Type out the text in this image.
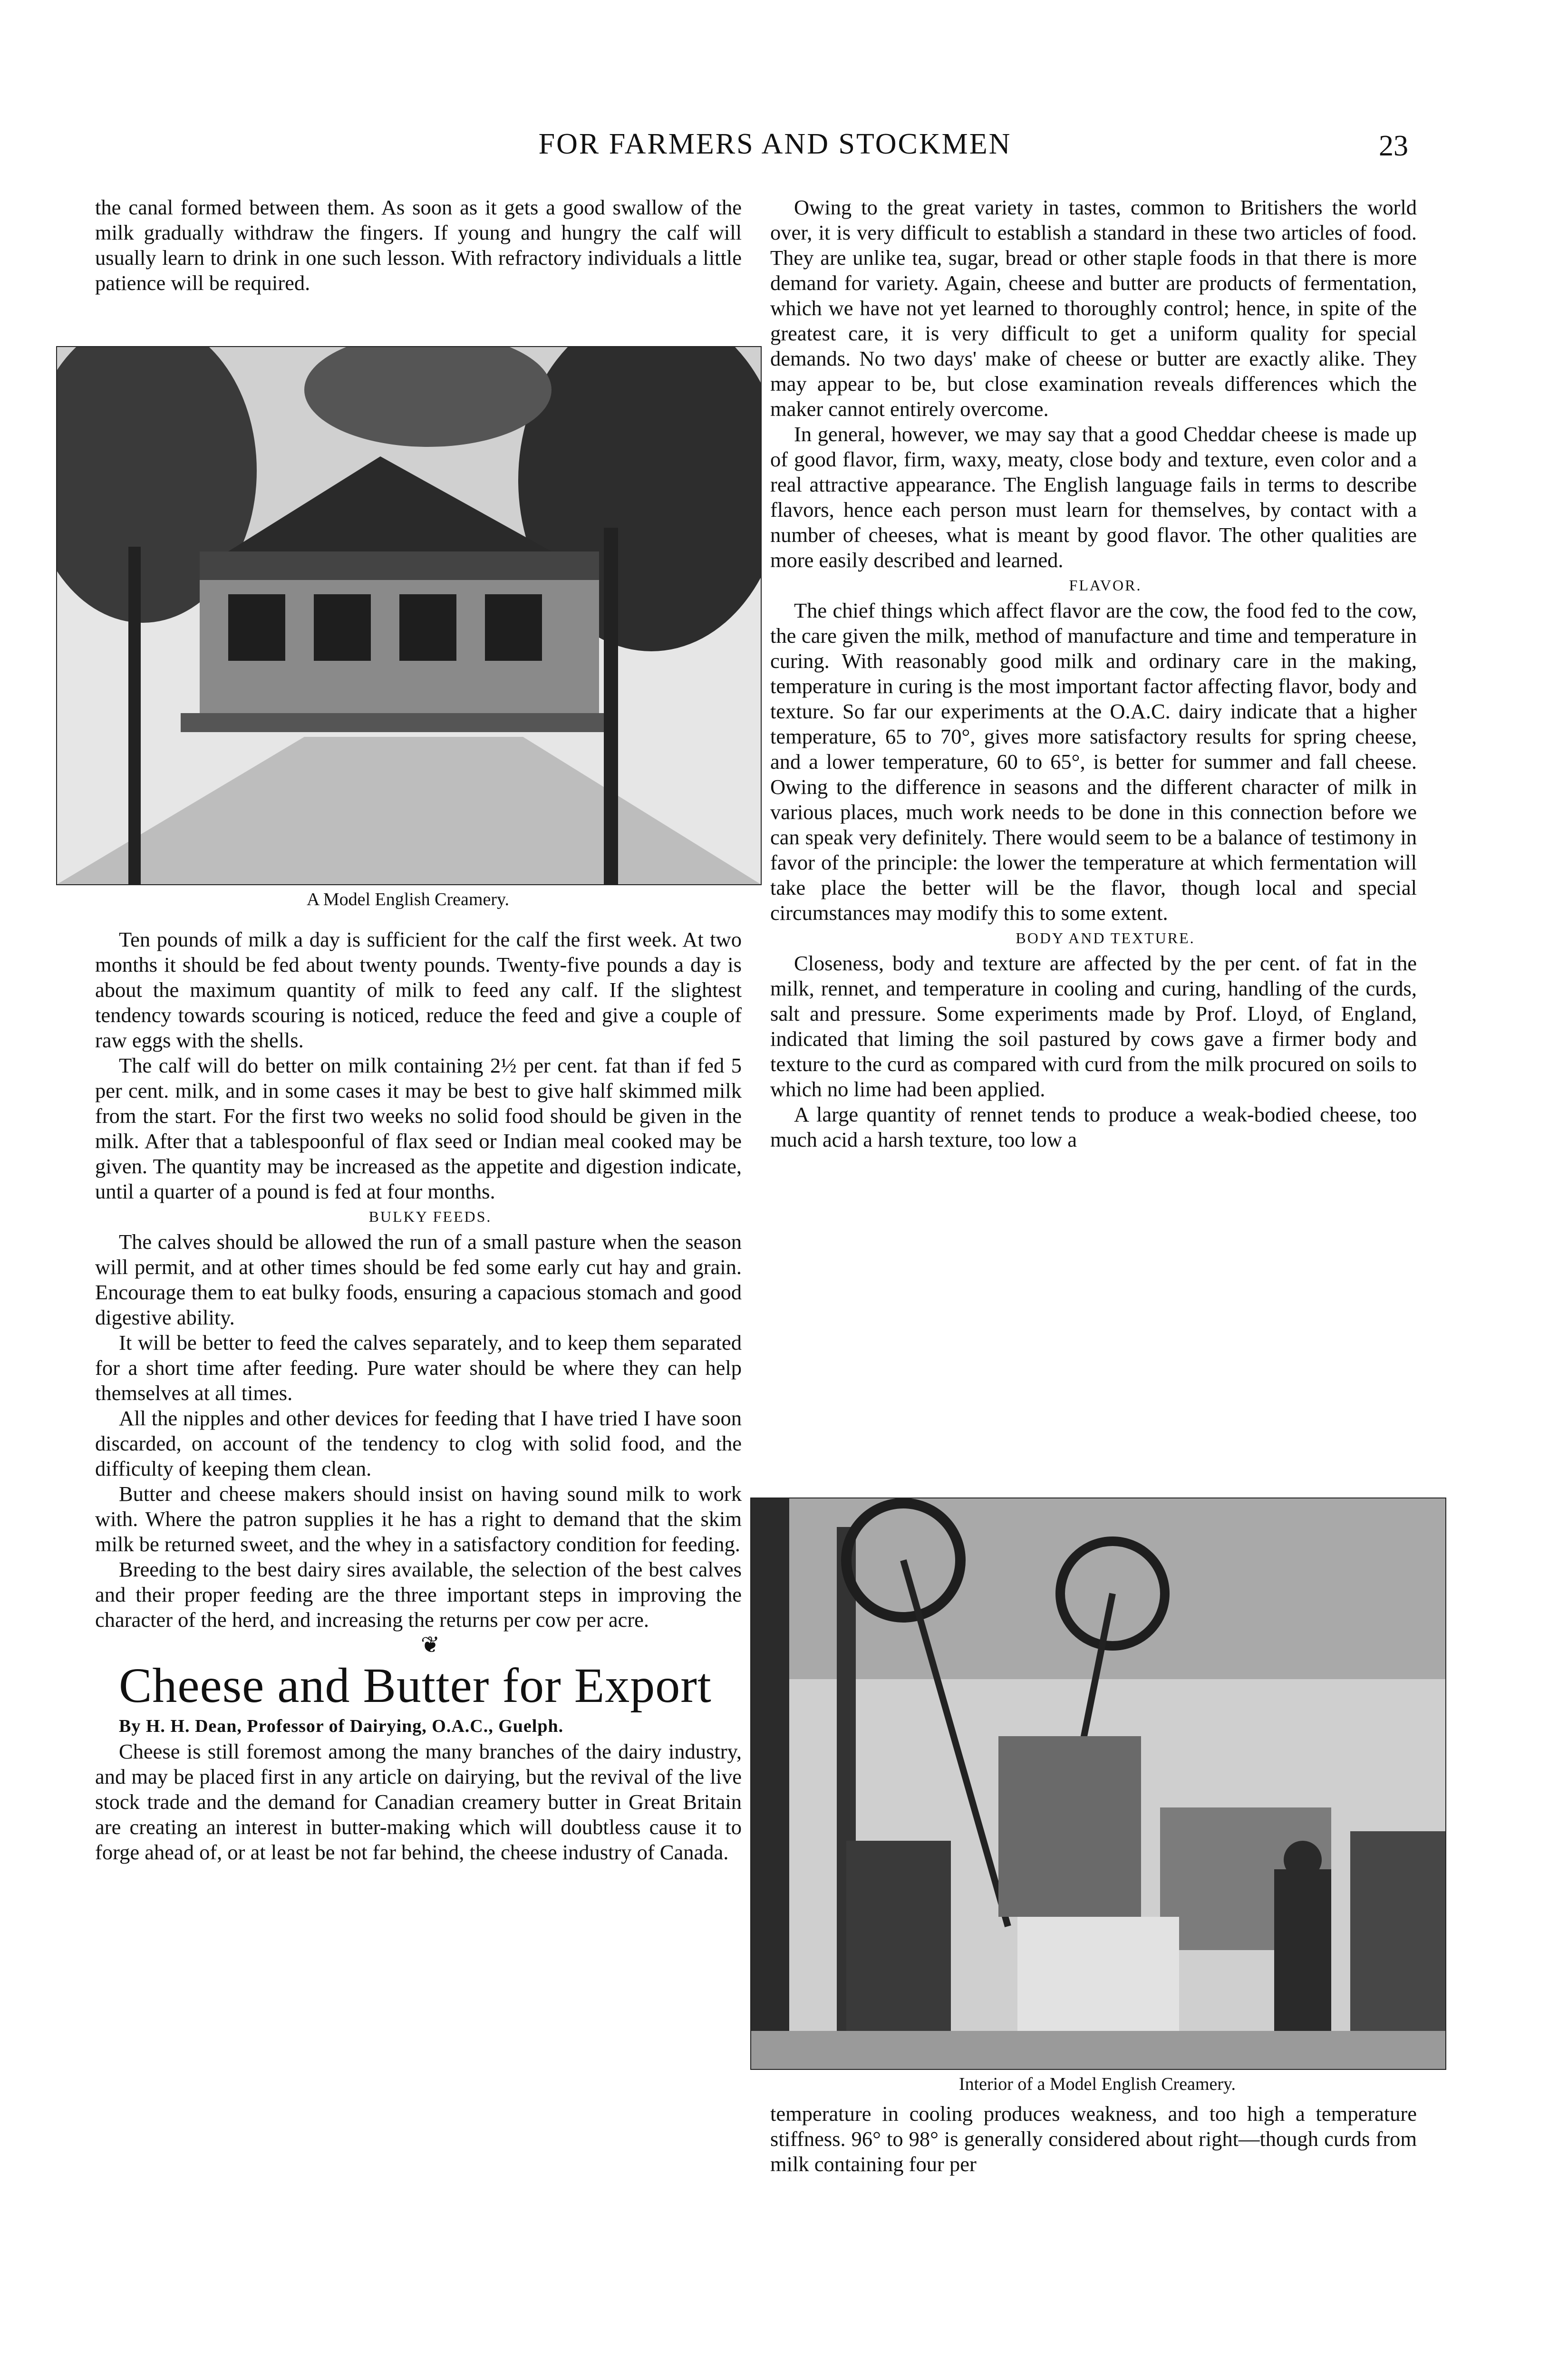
FOR FARMERS AND STOCKMEN	23

the canal formed between them. As soon as it gets a good swallow of the milk gradually withdraw the fingers. If young and hungry the calf will usually learn to drink in one such lesson. With refractory individuals a little patience will be required.

A Model English Creamery.

Ten pounds of milk a day is sufficient for the calf the first week. At two months it should be fed about twenty pounds. Twenty-five pounds a day is about the maximum quantity of milk to feed any calf. If the slightest tendency towards scouring is noticed, reduce the feed and give a couple of raw eggs with the shells.

The calf will do better on milk containing 2½ per cent. fat than if fed 5 per cent. milk, and in some cases it may be best to give half skimmed milk from the start. For the first two weeks no solid food should be given in the milk. After that a tablespoonful of flax seed or Indian meal cooked may be given. The quantity may be increased as the appetite and digestion indicate, until a quarter of a pound is fed at four months.

BULKY FEEDS.

The calves should be allowed the run of a small pasture when the season will permit, and at other times should be fed some early cut hay and grain. Encourage them to eat bulky foods, ensuring a capacious stomach and good digestive ability.

It will be better to feed the calves separately, and to keep them separated for a short time after feeding. Pure water should be where they can help themselves at all times.

All the nipples and other devices for feeding that I have tried I have soon discarded, on account of the tendency to clog with solid food, and the difficulty of keeping them clean.

Butter and cheese makers should insist on having sound milk to work with. Where the patron supplies it he has a right to demand that the skim milk be returned sweet, and the whey in a satisfactory condition for feeding.

Breeding to the best dairy sires available, the selection of the best calves and their proper feeding are the three important steps in improving the character of the herd, and increasing the returns per cow per acre.

❦

Cheese and Butter for Export

By H. H. Dean, Professor of Dairying, O.A.C., Guelph.

Cheese is still foremost among the many branches of the dairy industry, and may be placed first in any article on dairying, but the revival of the live stock trade and the demand for Canadian creamery butter in Great Britain are creating an interest in butter-making which will doubtless cause it to forge ahead of, or at least be not far behind, the cheese industry of Canada.

Owing to the great variety in tastes, common to Britishers the world over, it is very difficult to establish a standard in these two articles of food. They are unlike tea, sugar, bread or other staple foods in that there is more demand for variety. Again, cheese and butter are products of fermentation, which we have not yet learned to thoroughly control; hence, in spite of the greatest care, it is very difficult to get a uniform quality for special demands. No two days' make of cheese or butter are exactly alike. They may appear to be, but close examination reveals differences which the maker cannot entirely overcome.

In general, however, we may say that a good Cheddar cheese is made up of good flavor, firm, waxy, meaty, close body and texture, even color and a real attractive appearance. The English language fails in terms to describe flavors, hence each person must learn for themselves, by contact with a number of cheeses, what is meant by good flavor. The other qualities are more easily described and learned.

FLAVOR.

The chief things which affect flavor are the cow, the food fed to the cow, the care given the milk, method of manufacture and time and temperature in curing. With reasonably good milk and ordinary care in the making, temperature in curing is the most important factor affecting flavor, body and texture. So far our experiments at the O.A.C. dairy indicate that a higher temperature, 65 to 70°, gives more satisfactory results for spring cheese, and a lower temperature, 60 to 65°, is better for summer and fall cheese. Owing to the difference in seasons and the different character of milk in various places, much work needs to be done in this connection before we can speak very definitely. There would seem to be a balance of testimony in favor of the principle: the lower the temperature at which fermentation will take place the better will be the flavor, though local and special circumstances may modify this to some extent.

BODY AND TEXTURE.

Closeness, body and texture are affected by the per cent. of fat in the milk, rennet, and temperature in cooling and curing, handling of the curds, salt and pressure. Some experiments made by Prof. Lloyd, of England, indicated that liming the soil pastured by cows gave a firmer body and texture to the curd as compared with curd from the milk procured on soils to which no lime had been applied.

A large quantity of rennet tends to produce a weak-bodied cheese, too much acid a harsh texture, too low a

Interior of a Model English Creamery.

temperature in cooling produces weakness, and too high a temperature stiffness. 96° to 98° is generally considered about right—though curds from milk containing four per
